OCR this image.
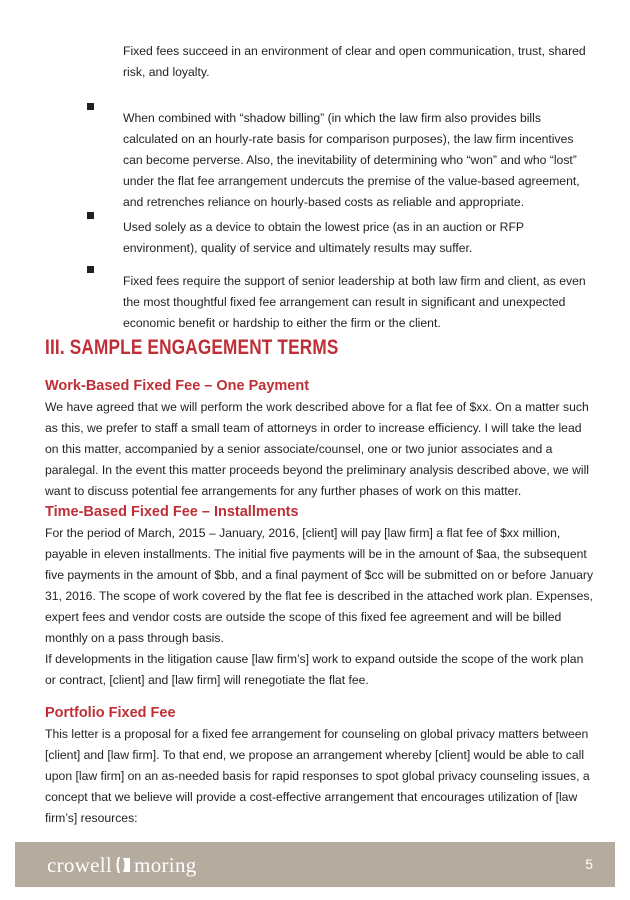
Fixed fees succeed in an environment of clear and open communication, trust, shared risk, and loyalty.

When combined with “shadow billing” (in which the law firm also provides bills calculated on an hourly-rate basis for comparison purposes), the law firm incentives can become perverse. Also, the inevitability of determining who “won” and who “lost” under the flat fee arrangement undercuts the premise of the value-based agreement, and retrenches reliance on hourly-based costs as reliable and appropriate.

Used solely as a device to obtain the lowest price (as in an auction or RFP environment), quality of service and ultimately results may suffer.

Fixed fees require the support of senior leadership at both law firm and client, as even the most thoughtful fixed fee arrangement can result in significant and unexpected economic benefit or hardship to either the firm or the client.

III. SAMPLE ENGAGEMENT TERMS
Work-Based Fixed Fee – One Payment

We have agreed that we will perform the work described above for a flat fee of $xx. On a matter such as this, we prefer to staff a small team of attorneys in order to increase efficiency. I will take the lead on this matter, accompanied by a senior associate/counsel, one or two junior associates and a paralegal. In the event this matter proceeds beyond the preliminary analysis described above, we will want to discuss potential fee arrangements for any further phases of work on this matter.

Time-Based Fixed Fee – Installments

For the period of March, 2015 – January, 2016, [client] will pay [law firm] a flat fee of $xx million, payable in eleven installments. The initial five payments will be in the amount of $aa, the subsequent five payments in the amount of $bb, and a final payment of $cc will be submitted on or before January 31, 2016. The scope of work covered by the flat fee is described in the attached work plan. Expenses, expert fees and vendor costs are outside the scope of this fixed fee agreement and will be billed monthly on a pass through basis.

If developments in the litigation cause [law firm’s] work to expand outside the scope of the work plan or contract, [client] and [law firm] will renegotiate the flat fee.

Portfolio Fixed Fee

This letter is a proposal for a fixed fee arrangement for counseling on global privacy matters between [client] and [law firm]. To that end, we propose an arrangement whereby [client] would be able to call upon [law firm] on an as-needed basis for rapid responses to spot global privacy counseling issues, a concept that we believe will provide a cost-effective arrangement that encourages utilization of [law firm’s] resources:

crowell moring	5
